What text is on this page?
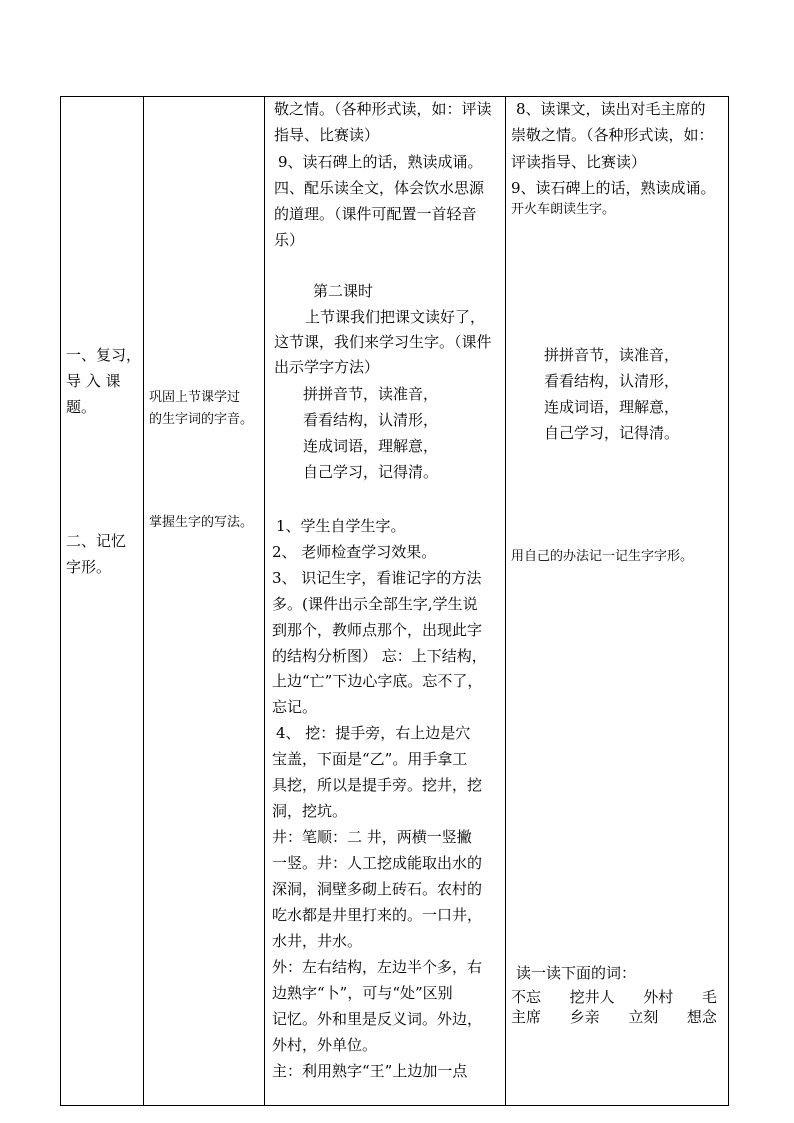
一、复习，
导 入 课
题。
二、记忆
字形。
巩固上节课学过
的生字词的字音。
掌握生字的写法。
敬之情。（各种形式读，如：评读
指导、比赛读）
9、读石碑上的话，熟读成诵。
四、配乐读全文，体会饮水思源
的道理。（课件可配置一首轻音
乐）
第二课时
上节课我们把课文读好了，
这节课，我们来学习生字。（课件
出示学字方法）
拼拼音节，读准音，
看看结构，认清形，
连成词语，理解意，
自己学习，记得清。
1、学生自学生字。
2、 老师检查学习效果。
3、 识记生字，看谁记字的方法
多。(课件出示全部生字,学生说
到那个，教师点那个，出现此字
的结构分析图） 忘：上下结构，
上边“亡”下边心字底。忘不了，
忘记。
4、 挖：提手旁，右上边是穴
宝盖，下面是“乙”。用手拿工
具挖，所以是提手旁。挖井，挖
洞，挖坑。
井：笔顺：二 井，两横一竖撇
一竖。井：人工挖成能取出水的
深洞，洞壁多砌上砖石。农村的
吃水都是井里打来的。一口井，
水井，井水。
外：左右结构，左边半个多，右
边熟字“卜”，可与“处”区别
记忆。外和里是反义词。外边，
外村，外单位。
主：利用熟字“王”上边加一点
8、读课文，读出对毛主席的
崇敬之情。（各种形式读，如：
评读指导、比赛读）
9、读石碑上的话，熟读成诵。
开火车朗读生字。
拼拼音节，读准音，
看看结构，认清形，
连成词语，理解意，
自己学习，记得清。
用自己的办法记一记生字字形。
读一读下面的词：
不忘      挖井人      外村      毛
主席      乡亲      立刻      想念
